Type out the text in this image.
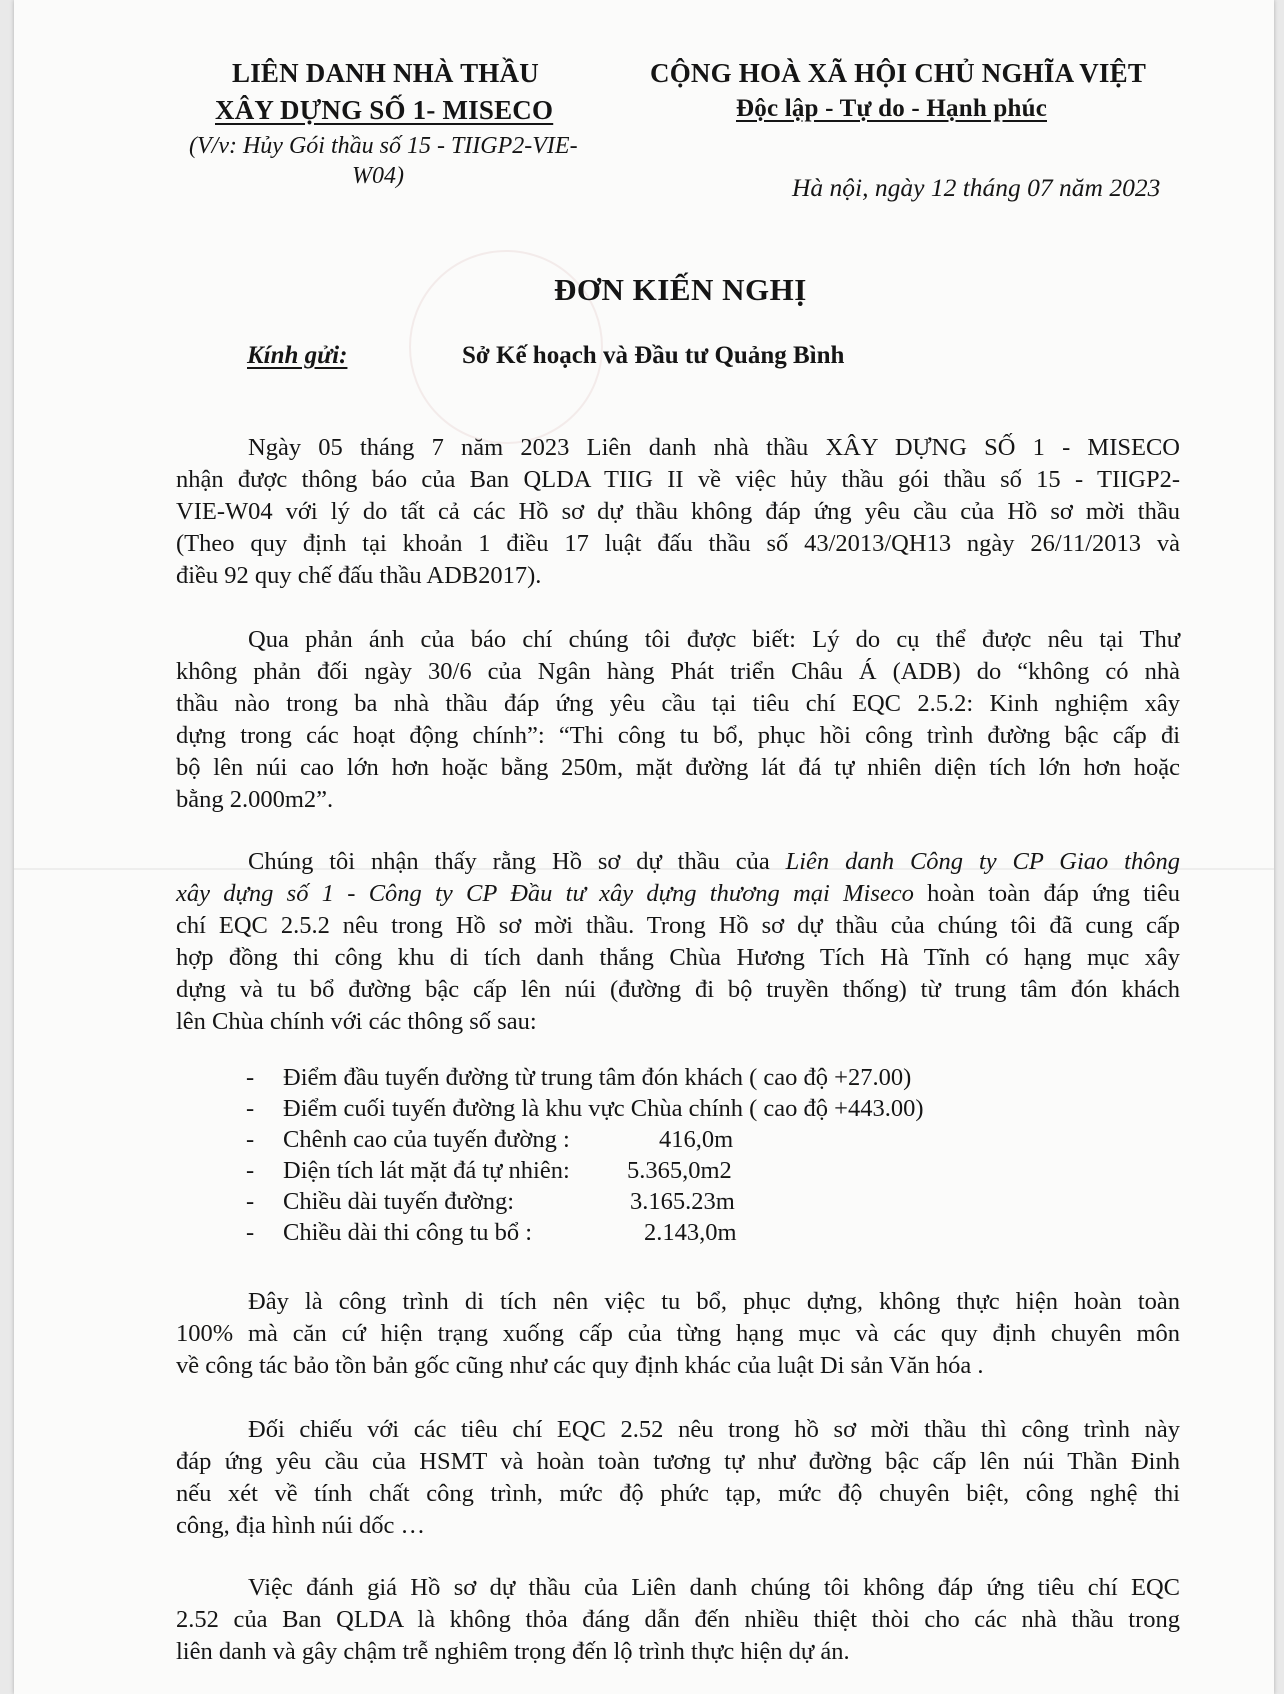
LIÊN DANH NHÀ THẦU
XÂY DỰNG SỐ 1- MISECO
(V/v: Hủy Gói thầu số 15 - TIIGP2-VIE-
W04)
CỘNG HOÀ XÃ HỘI CHỦ NGHĨA VIỆT
Độc lập - Tự do - Hạnh phúc
Hà nội, ngày 12 tháng 07 năm 2023
ĐƠN KIẾN NGHỊ
Kính gửi:	Sở Kế hoạch và Đầu tư Quảng Bình
Ngày 05 tháng 7 năm 2023 Liên danh nhà thầu XÂY DỰNG SỐ 1 - MISECO
nhận được thông báo của Ban QLDA TIIG II về việc hủy thầu gói thầu số 15 - TIIGP2-
VIE-W04 với lý do tất cả các Hồ sơ dự thầu không đáp ứng yêu cầu của Hồ sơ mời thầu
(Theo quy định tại khoản 1 điều 17 luật đấu thầu số 43/2013/QH13 ngày 26/11/2013 và
điều 92 quy chế đấu thầu ADB2017).
Qua phản ánh của báo chí chúng tôi được biết: Lý do cụ thể được nêu tại Thư
không phản đối ngày 30/6 của Ngân hàng Phát triển Châu Á (ADB) do “không có nhà
thầu nào trong ba nhà thầu đáp ứng yêu cầu tại tiêu chí EQC 2.5.2: Kinh nghiệm xây
dựng trong các hoạt động chính”: “Thi công tu bổ, phục hồi công trình đường bậc cấp đi
bộ lên núi cao lớn hơn hoặc bằng 250m, mặt đường lát đá tự nhiên diện tích lớn hơn hoặc
bằng 2.000m2”.
Chúng tôi nhận thấy rằng Hồ sơ dự thầu của Liên danh Công ty CP Giao thông
xây dựng số 1 - Công ty CP Đầu tư xây dựng thương mại Miseco hoàn toàn đáp ứng tiêu
chí EQC 2.5.2 nêu trong Hồ sơ mời thầu. Trong Hồ sơ dự thầu của chúng tôi đã cung cấp
hợp đồng thi công khu di tích danh thắng Chùa Hương Tích Hà Tĩnh có hạng mục xây
dựng và tu bổ đường bậc cấp lên núi (đường đi bộ truyền thống) từ trung tâm đón khách
lên Chùa chính với các thông số sau:
- Điểm đầu tuyến đường từ trung tâm đón khách ( cao độ +27.00)
- Điểm cuối tuyến đường là khu vực Chùa chính ( cao độ +443.00)
- Chênh cao của tuyến đường :	416,0m
- Diện tích lát mặt đá tự nhiên: 5.365,0m2
- Chiều dài tuyến đường:	3.165.23m
- Chiều dài thi công tu bổ :	2.143,0m
Đây là công trình di tích nên việc tu bổ, phục dựng, không thực hiện hoàn toàn
100% mà căn cứ hiện trạng xuống cấp của từng hạng mục và các quy định chuyên môn
về công tác bảo tồn bản gốc cũng như các quy định khác của luật Di sản Văn hóa .
Đối chiếu với các tiêu chí EQC 2.52 nêu trong hồ sơ mời thầu thì công trình này
đáp ứng yêu cầu của HSMT và hoàn toàn tương tự như đường bậc cấp lên núi Thần Đinh
nếu xét về tính chất công trình, mức độ phức tạp, mức độ chuyên biệt, công nghệ thi
công, địa hình núi dốc …
Việc đánh giá Hồ sơ dự thầu của Liên danh chúng tôi không đáp ứng tiêu chí EQC
2.52 của Ban QLDA là không thỏa đáng dẫn đến nhiều thiệt thòi cho các nhà thầu trong
liên danh và gây chậm trễ nghiêm trọng đến lộ trình thực hiện dự án.
